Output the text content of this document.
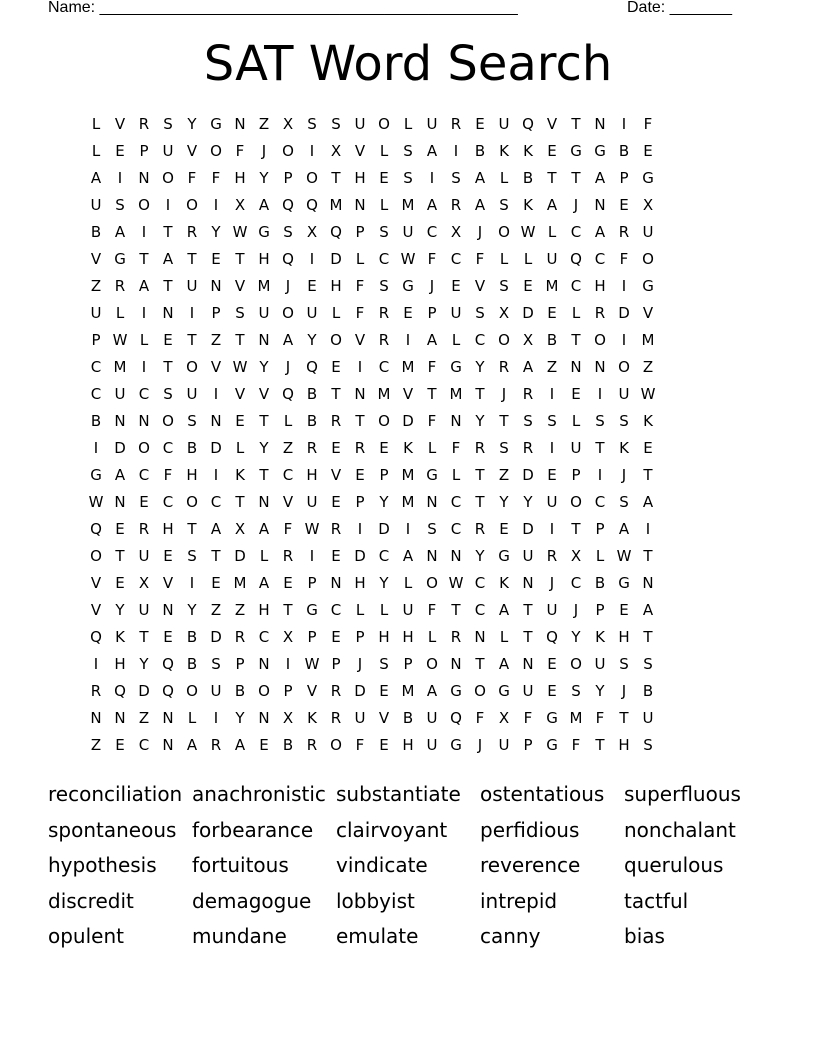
Name: _______________________________________________	Date: _______
SAT Word Search
L V R S Y G N Z X S S U O L U R E U Q V T N	I	F
L	E P U V O F	J	O	I	X V L	S A	I	B K K E G G B E
A	I	N O F	F H Y P O T H E S	I	S A L B T T A P G
U S O	I	O	I	X A Q Q M N L M A R A S K A	J	N E X
B A	I	T R Y W G S X Q P S U C X	J	O W L C A R U
V G T A T E T H Q	I	D L C W F C F	L	L U Q C F O
Z R A T U N V M	J	E H F S G	J	E V S E M C H	I	G
U L	I	N	I	P S U O U L	F R E P U S X D E	L R D V
P W L	E T Z T N A Y O V R	I	A L C O X B T O	I	M
C M	I	T O V W Y	J	Q E	I	C M F G Y R A Z N N O Z
C U C S U	I	V V Q B T N M V T M T	J	R	I	E	I	U W
B N N O S N E T	L B R T O D F N Y T S S	L	S S K
I	D O C B D L	Y Z R E R E K L	F R S R	I	U T K E
G A C F H	I	K T C H V E P M G L	T Z D E P	I	J	T
W N E C O C T N V U E P Y M N C T Y Y U O C S A
Q E R H T A X A F W R	I	D	I	S C R E D	I	T P A	I
O T U E S T D L R	I	E D C A N N Y G U R X L W T
V E X V	I	E M A E P N H Y	L O W C K N	J	C B G N
V Y U N Y Z Z H T G C L	L U F	T C A T U	J	P E A
Q K T E B D R C X P E P H H L R N L	T Q Y K H T
I	H Y Q B S P N	I W P	J	S P O N T A N E O U S S
R Q D Q O U B O P V R D E M A G O G U E S Y	J	B
N N Z N L	I	Y N X K R U V B U Q F X F G M F	T U
Z E C N A R A E B R O F E H U G	J	U P G F	T H S
reconciliation anachronistic substantiate ostentatious superfluous
spontaneous forbearance	clairvoyant	perfidious	nonchalant
hypothesis	fortuitous	vindicate	reverence	querulous
discredit	demagogue	lobbyist	intrepid	tactful
opulent	mundane	emulate	canny	bias
